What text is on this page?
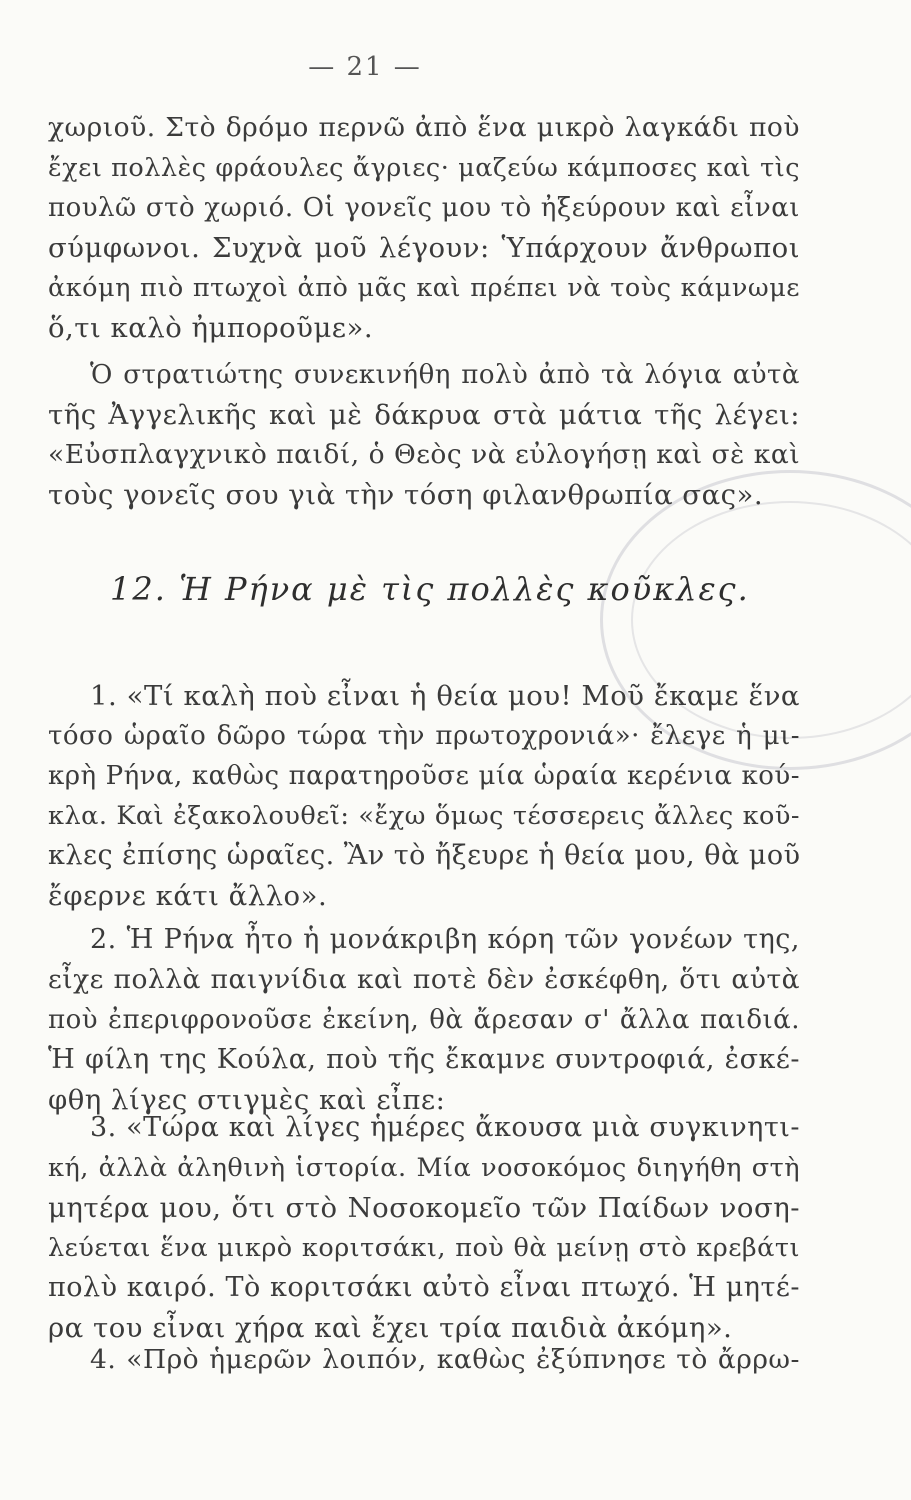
— 21 —
χωριοῦ. Στὸ δρόμο περνῶ ἀπὸ ἕνα μικρὸ λαγκάδι ποὺ
ἔχει πολλὲς φράουλες ἄγριες· μαζεύω κάμποσες καὶ τὶς
πουλῶ στὸ χωριό. Οἱ γονεῖς μου τὸ ἠξεύρουν καὶ εἶναι
σύμφωνοι. Συχνὰ μοῦ λέγουν: Ὑπάρχουν ἄνθρωποι
ἀκόμη πιὸ πτωχοὶ ἀπὸ μᾶς καὶ πρέπει νὰ τοὺς κάμνωμε
ὅ,τι καλὸ ἠμποροῦμε».
Ὁ στρατιώτης συνεκινήθη πολὺ ἀπὸ τὰ λόγια αὐτὰ
τῆς Ἀγγελικῆς καὶ μὲ δάκρυα στὰ μάτια τῆς λέγει:
«Εὐσπλαγχνικὸ παιδί, ὁ Θεὸς νὰ εὐλογήσῃ καὶ σὲ καὶ
τοὺς γονεῖς σου γιὰ τὴν τόση φιλανθρωπία σας».
12. Ἡ Ρήνα μὲ τὶς πολλὲς κοῦκλες.
1. «Τί καλὴ ποὺ εἶναι ἡ θεία μου! Μοῦ ἔκαμε ἕνα
τόσο ὡραῖο δῶρο τώρα τὴν πρωτοχρονιά»· ἔλεγε ἡ μι-
κρὴ Ρήνα, καθὼς παρατηροῦσε μία ὡραία κερένια κού-
κλα. Καὶ ἐξακολουθεῖ: «ἔχω ὅμως τέσσερεις ἄλλες κοῦ-
κλες ἐπίσης ὡραῖες. Ἂν τὸ ἤξευρε ἡ θεία μου, θὰ μοῦ
ἔφερνε κάτι ἄλλο».
2. Ἡ Ρήνα ἦτο ἡ μονάκριβη κόρη τῶν γονέων της,
εἶχε πολλὰ παιγνίδια καὶ ποτὲ δὲν ἐσκέφθη, ὅτι αὐτὰ
ποὺ ἐπεριφρονοῦσε ἐκείνη, θὰ ἄρεσαν σ' ἄλλα παιδιά.
Ἡ φίλη της Κούλα, ποὺ τῆς ἔκαμνε συντροφιά, ἐσκέ-
φθη λίγες στιγμὲς καὶ εἶπε:
3. «Τώρα καὶ λίγες ἡμέρες ἄκουσα μιὰ συγκινητι-
κή, ἀλλὰ ἀληθινὴ ἱστορία. Μία νοσοκόμος διηγήθη στὴ
μητέρα μου, ὅτι στὸ Νοσοκομεῖο τῶν Παίδων νοση-
λεύεται ἕνα μικρὸ κοριτσάκι, ποὺ θὰ μείνῃ στὸ κρεβάτι
πολὺ καιρό. Τὸ κοριτσάκι αὐτὸ εἶναι πτωχό. Ἡ μητέ-
ρα του εἶναι χήρα καὶ ἔχει τρία παιδιὰ ἀκόμη».
4. «Πρὸ ἡμερῶν λοιπόν, καθὼς ἐξύπνησε τὸ ἄρρω-
